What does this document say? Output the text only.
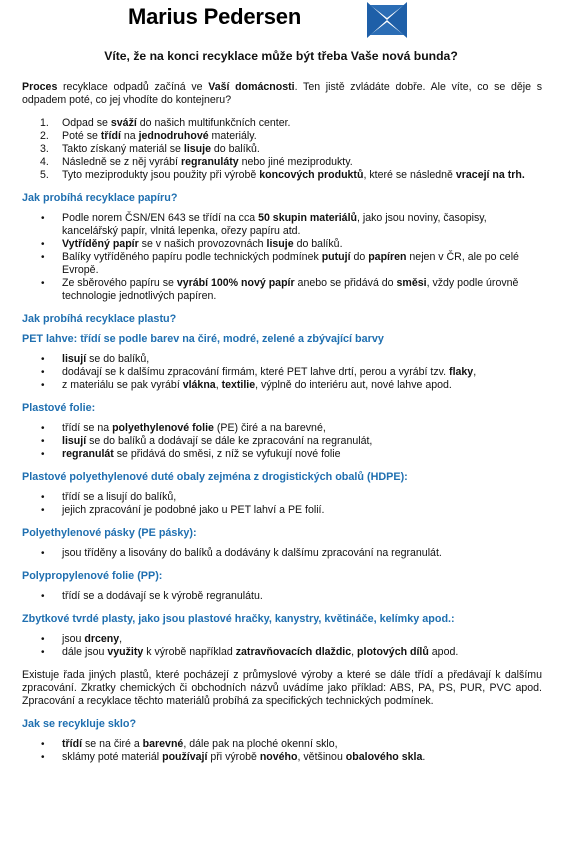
Marius Pedersen
Víte, že na konci recyklace může být třeba Vaše nová bunda?

Proces recyklace odpadů začíná ve Vaší domácnosti. Ten jistě zvládáte dobře. Ale víte, co se děje s odpadem poté, co jej vhodíte do kontejneru?

1. Odpad se sváží do našich multifunkčních center.
2. Poté se třídí na jednodruhové materiály.
3. Takto získaný materiál se lisuje do balíků.
4. Následně se z něj vyrábí regranuláty nebo jiné meziprodukty.
5. Tyto meziprodukty jsou použity při výrobě koncových produktů, které se následně vracejí na trh.
Jak probíhá recyklace papíru?
• Podle norem ČSN/EN 643 se třídí na cca 50 skupin materiálů, jako jsou noviny, časopisy, kancelářský papír, vlnitá lepenka, ořezy papíru atd.
• Vytříděný papír se v našich provozovnách lisuje do balíků.
• Balíky vytříděného papíru podle technických podmínek putují do papíren nejen v ČR, ale po celé Evropě.
• Ze sběrového papíru se vyrábí 100% nový papír anebo se přidává do směsi, vždy podle úrovně technologie jednotlivých papíren.
Jak probíhá recyklace plastu?
PET lahve: třídí se podle barev na čiré, modré, zelené a zbývající barvy
• lisují se do balíků,
• dodávají se k dalšímu zpracování firmám, které PET lahve drtí, perou a vyrábí tzv. flaky,
• z materiálu se pak vyrábí vlákna, textilie, výplně do interiéru aut, nové lahve apod.
Plastové folie:
• třídí se na polyethylenové folie (PE) čiré a na barevné,
• lisují se do balíků a dodávají se dále ke zpracování na regranulát,
• regranulát se přidává do směsi, z níž se vyfukují nové folie
Plastové polyethylenové duté obaly zejména z drogistických obalů (HDPE):
• třídí se a lisují do balíků,
• jejich zpracování je podobné jako u PET lahví a PE folií.
Polyethylenové pásky (PE pásky):
• jsou tříděny a lisovány do balíků a dodávány k dalšímu zpracování na regranulát.
Polypropylenové folie (PP):
• třídí se a dodávají se k výrobě regranulátu.
Zbytkové tvrdé plasty, jako jsou plastové hračky, kanystry, květináče, kelímky apod.:
• jsou drceny,
• dále jsou využity k výrobě například zatravňovacích dlaždic, plotových dílů apod.

Existuje řada jiných plastů, které pocházejí z průmyslové výroby a které se dále třídí a předávají k dalšímu zpracování. Zkratky chemických či obchodních názvů uvádíme jako příklad: ABS, PA, PS, PUR, PVC apod. Zpracování a recyklace těchto materiálů probíhá za specifických technických podmínek.

Jak se recykluje sklo?
• třídí se na čiré a barevné, dále pak na ploché okenní sklo,
• sklámy poté materiál používají při výrobě nového, většinou obalového skla.
